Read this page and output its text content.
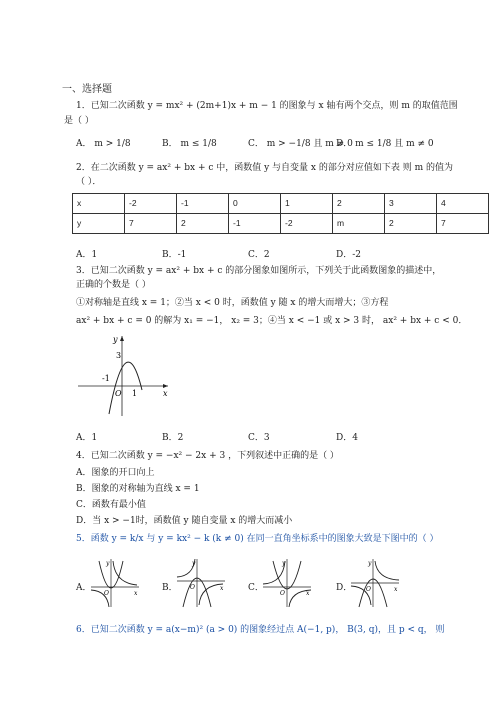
一、选择题
1．已知二次函数 y = mx² + (2m+1)x + m − 1 的图象与 x 轴有两个交点，则 m 的取值范围
是（ ）
A． m > 1/8	B． m ≤ 1/8	C． m > −1/8 且 m ≠ 0
D． m ≤ 1/8 且 m ≠ 0
2．在二次函数 y = ax² + bx + c 中，函数值 y 与自变量 x 的部分对应值如下表 则 m 的值为
（ ）．
x	-2	-1	0	1	2	3	4
y	7	2	-1	-2	m	2	7
A．1	B．-1	C．2	D．-2
3．已知二次函数 y = ax² + bx + c 的部分图象如图所示，下列关于此函数图象的描述中，
正确的个数是（ ）
①对称轴是直线 x = 1；②当 x < 0 时，函数值 y 随 x 的增大而增大；③方程
ax² + bx + c = 0 的解为 x₁ = −1， x₂ = 3；④当 x < −1 或 x > 3 时， ax² + bx + c < 0．
y
x
O
3
-1
1
A．1	B．2	C．3	D．4
4．已知二次函数 y = −x² − 2x + 3 ，下列叙述中正确的是（ ）
A．图象的开口向上
B．图象的对称轴为直线 x = 1
C．函数有最小值
D．当 x > −1时，函数值 y 随自变量 x 的增大而减小
5．函数 y = k/x 与 y = kx² − k (k ≠ 0) 在同一直角坐标系中的图象大致是下图中的（ ）
A．
y
x
O
B．
y
x
O	C．
y
x
O
D．
y
x
O
6．已知二次函数 y = a(x−m)² (a > 0) 的图象经过点 A(−1, p)， B(3, q)，且 p < q， 则
